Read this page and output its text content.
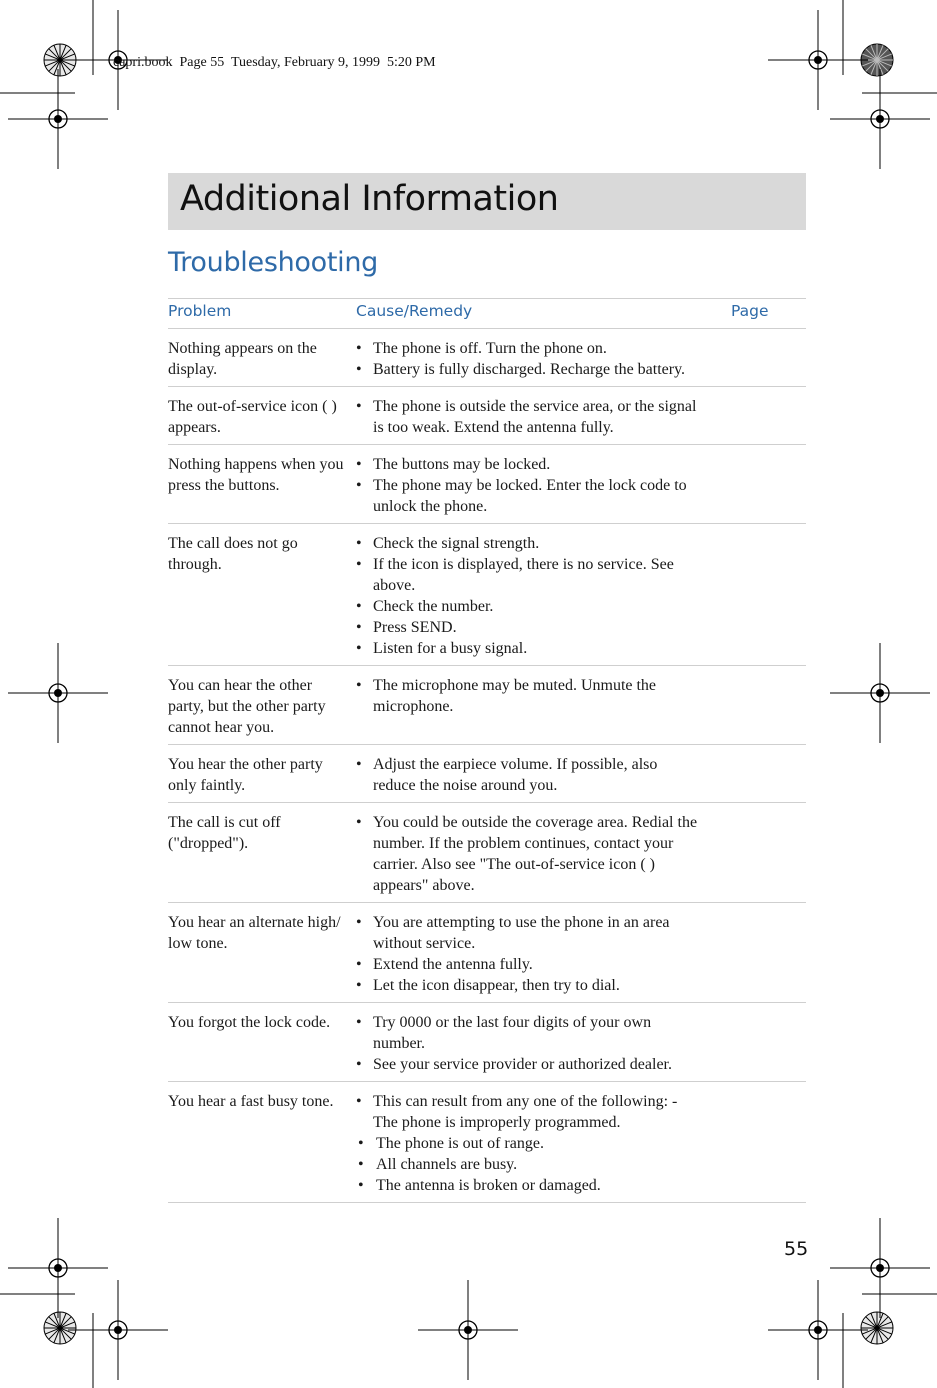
capri.book  Page 55  Tuesday, February 9, 1999  5:20 PM
Additional Information
Troubleshooting
Problem	Cause/Remedy	Page
Nothing appears on the display.
• The phone is off. Turn the phone on.
• Battery is fully discharged. Recharge the battery.
The out-of-service icon ( ) appears.
• The phone is outside the service area, or the signal is too weak. Extend the antenna fully.
Nothing happens when you press the buttons.
• The buttons may be locked.
• The phone may be locked. Enter the lock code to unlock the phone.
The call does not go through.
• Check the signal strength.
• If the icon is displayed, there is no service. See above.
• Check the number.
• Press SEND.
• Listen for a busy signal.
You can hear the other party, but the other party cannot hear you.
• The microphone may be muted. Unmute the microphone.
You hear the other party only faintly.
• Adjust the earpiece volume. If possible, also reduce the noise around you.
The call is cut off ("dropped").
• You could be outside the coverage area. Redial the number. If the problem continues, contact your carrier. Also see "The out-of-service icon ( ) appears" above.
You hear an alternate high/ low tone.
• You are attempting to use the phone in an area without service.
• Extend the antenna fully.
• Let the icon disappear, then try to dial.
You forgot the lock code.	• Try 0000 or the last four digits of your own number.
• See your service provider or authorized dealer.
You hear a fast busy tone.	• This can result from any one of the following: - The phone is improperly programmed.
• The phone is out of range.
• All channels are busy.
• The antenna is broken or damaged.
55
